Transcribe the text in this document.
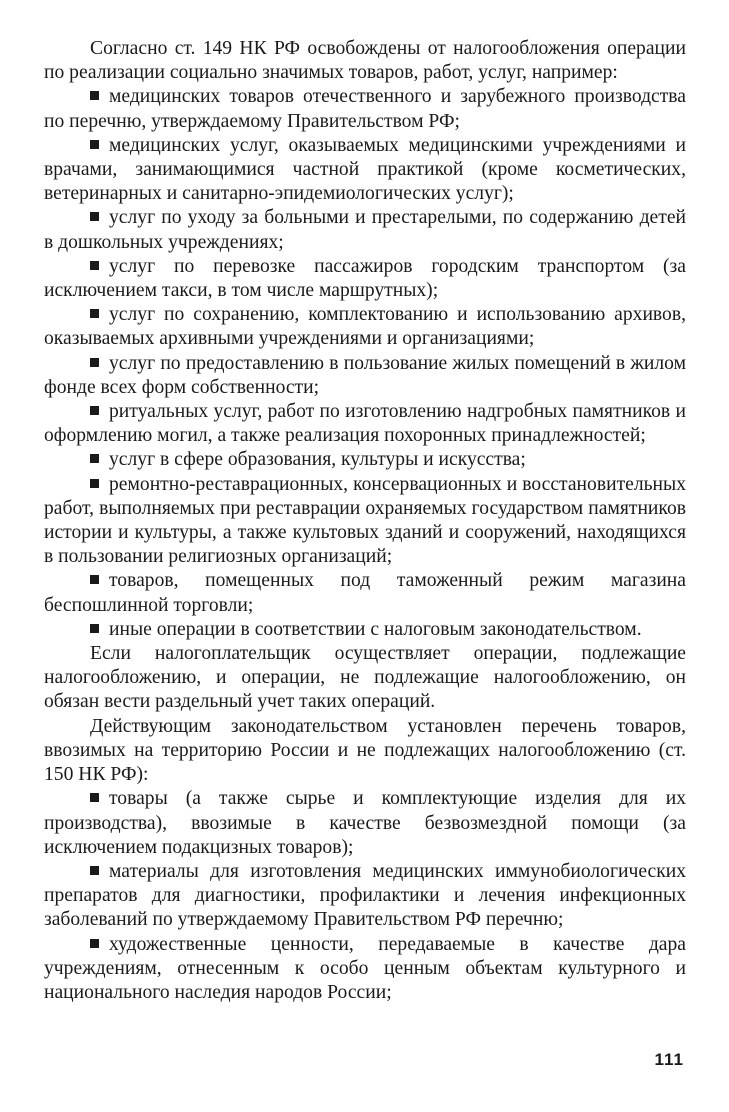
Согласно ст. 149 НК РФ освобождены от налогообложения операции по реализации социально значимых товаров, работ, услуг, например:

медицинских товаров отечественного и зарубежного производства по перечню, утверждаемому Правительством РФ;
медицинских услуг, оказываемых медицинскими учреждениями и врачами, занимающимися частной практикой (кроме косметических, ветеринарных и санитарно-эпидемиологических услуг);
услуг по уходу за больными и престарелыми, по содержанию детей в дошкольных учреждениях;
услуг по перевозке пассажиров городским транспортом (за исключением такси, в том числе маршрутных);
услуг по сохранению, комплектованию и использованию архивов, оказываемых архивными учреждениями и организациями;
услуг по предоставлению в пользование жилых помещений в жилом фонде всех форм собственности;
ритуальных услуг, работ по изготовлению надгробных памятников и оформлению могил, а также реализация похоронных принадлежностей;
услуг в сфере образования, культуры и искусства;
ремонтно-реставрационных, консервационных и восстановительных работ, выполняемых при реставрации охраняемых государством памятников истории и культуры, а также культовых зданий и сооружений, находящихся в пользовании религиозных организаций;
товаров, помещенных под таможенный режим магазина беспошлинной торговли;
иные операции в соответствии с налоговым законодательством.

Если налогоплательщик осуществляет операции, подлежащие налогообложению, и операции, не подлежащие налогообложению, он обязан вести раздельный учет таких операций.

Действующим законодательством установлен перечень товаров, ввозимых на территорию России и не подлежащих налогообложению (ст. 150 НК РФ):

товары (а также сырье и комплектующие изделия для их производства), ввозимые в качестве безвозмездной помощи (за исключением подакцизных товаров);
материалы для изготовления медицинских иммунобиологических препаратов для диагностики, профилактики и лечения инфекционных заболеваний по утверждаемому Правительством РФ перечню;
художественные ценности, передаваемые в качестве дара учреждениям, отнесенным к особо ценным объектам культурного и национального наследия народов России;
111
